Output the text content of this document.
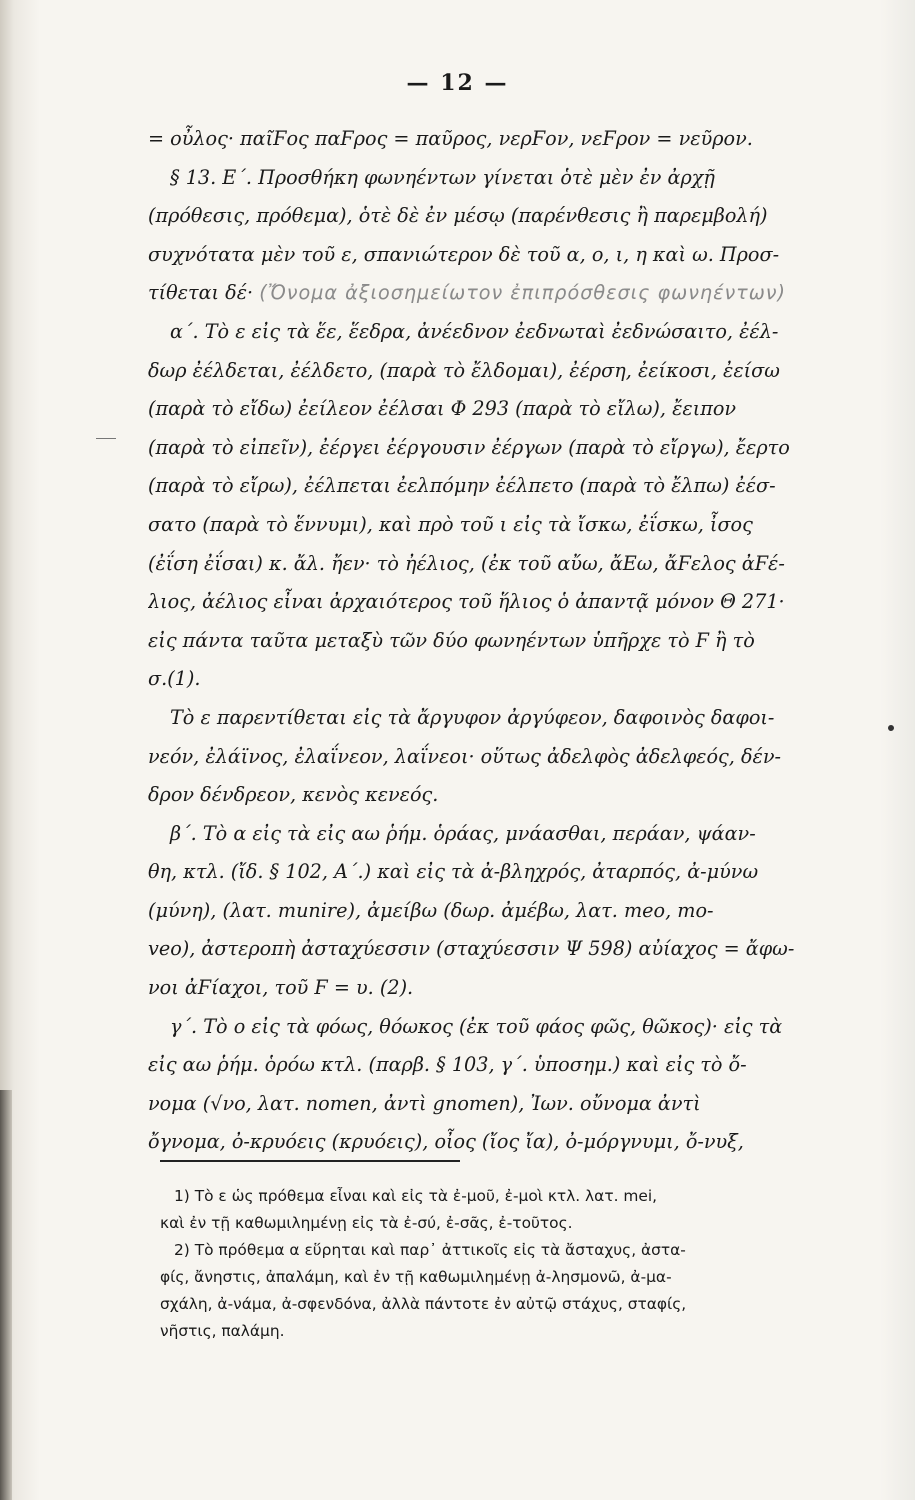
— 12 —
= οὖλος· παῖϜος παϜρος = παῦρος, νερϜον, νεϜρον = νεῦρον.
§ 13. Ε΄. Προσθήκη φωνηέντων γίνεται ὁτὲ μὲν ἐν ἀρχῇ
(πρόθεσις, πρόθεμα), ὁτὲ δὲ ἐν μέσῳ (παρένθεσις ἢ παρεμβολή)
συχνότατα μὲν τοῦ ε, σπανιώτερον δὲ τοῦ α, ο, ι, η καὶ ω. Προσ-
τίθεται δέ· (Ὄνομα ἀξιοσημείωτον ἐπιπρόσθεσις φωνηέντων)
α΄. Τὸ ε εἰς τὰ ἕε, ἕεδρα, ἀνέεδνον ἐεδνωταὶ ἐεδνώσαιτο, ἐέλ-
δωρ ἐέλδεται, ἐέλδετο, (παρὰ τὸ ἔλδομαι), ἐέρση, ἐείκοσι, ἐείσω
(παρὰ τὸ εἴδω) ἐείλεον ἐέλσαι Φ 293 (παρὰ τὸ εἴλω), ἔειπον
(παρὰ τὸ εἰπεῖν), ἐέργει ἐέργουσιν ἐέργων (παρὰ τὸ εἴργω), ἔερτο
(παρὰ τὸ εἴρω), ἐέλπεται ἐελπόμην ἐέλπετο (παρὰ τὸ ἔλπω) ἐέσ-
σατο (παρὰ τὸ ἕννυμι), καὶ πρὸ τοῦ ι εἰς τὰ ἴσκω, ἐΐσκω, ἶσος
(ἐΐση ἐΐσαι) κ. ἄλ. ἤεν· τὸ ἠέλιος, (ἐκ τοῦ αὔω, ἄΕω, ἄϜελος ἀϜέ-
λιος, ἀέλιος εἶναι ἀρχαιότερος τοῦ ἥλιος ὁ ἀπαντᾷ μόνον Θ 271·
εἰς πάντα ταῦτα μεταξὺ τῶν δύο φωνηέντων ὑπῆρχε τὸ Ϝ ἢ τὸ
σ.(1).
Τὸ ε παρεντίθεται εἰς τὰ ἄργυφον ἀργύφεον, δαφοινὸς δαφοι-
νεόν, ἐλάϊνος, ἐλαΐνεον, λαΐνεοι· οὕτως ἀδελφὸς ἀδελφεός, δέν-
δρον δένδρεον, κενὸς κενεός.
β΄. Τὸ α εἰς τὰ εἰς αω ῥήμ. ὁράας, μνάασθαι, περάαν, ψάαν-
θη, κτλ. (ἴδ. § 102, Α΄.) καὶ εἰς τὰ ἀ-βληχρός, ἀταρπός, ἀ-μύνω
(μύνη), (λατ. munire), ἀμείβω (δωρ. ἀμέβω, λατ. meo, mo-
veo), ἀστεροπὴ ἀσταχύεσσιν (σταχύεσσιν Ψ 598) αὐίαχος = ἄφω-
νοι ἀϜίαχοι, τοῦ Ϝ = υ. (2).
γ΄. Τὸ ο εἰς τὰ φόως, θόωκος (ἐκ τοῦ φάος φῶς, θῶκος)· εἰς τὰ
εἰς αω ῥήμ. ὁρόω κτλ. (παρβ. § 103, γ΄. ὑποσημ.) καὶ εἰς τὸ ὄ-
νομα (√νο, λατ. nomen, ἀντὶ gnomen), Ἰων. οὔνομα ἀντὶ
ὄγνομα, ὀ-κρυόεις (κρυόεις), οἶος (ἴος ἴα), ὀ-μόργνυμι, ὄ-νυξ,
1) Τὸ ε ὡς πρόθεμα εἶναι καὶ εἰς τὰ ἐ-μοῦ, ἐ-μοὶ κτλ. λατ. mei,
καὶ ἐν τῇ καθωμιλημένῃ εἰς τὰ ἐ-σύ, ἐ-σᾶς, ἐ-τοῦτος.
2) Τὸ πρόθεμα α εὕρηται καὶ παρ᾽ ἀττικοῖς εἰς τὰ ἄσταχυς, ἀστα-
φίς, ἄνηστις, ἀπαλάμη, καὶ ἐν τῇ καθωμιλημένῃ ἀ-λησμονῶ, ἀ-μα-
σχάλη, ἀ-νάμα, ἀ-σφενδόνα, ἀλλὰ πάντοτε ἐν αὐτῷ στάχυς, σταφίς,
νῆστις, παλάμη.
